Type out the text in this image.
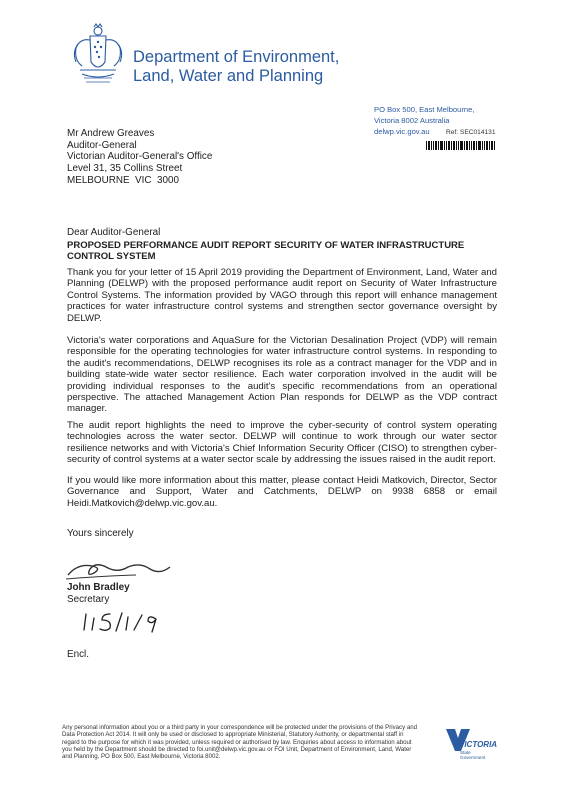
Department of Environment,
Land, Water and Planning
PO Box 500, East Melbourne,
Victoria 8002 Australia
delwp.vic.gov.au	Ref: SEC014131
Mr Andrew Greaves
Auditor-General
Victorian Auditor-General's Office
Level 31, 35 Collins Street
MELBOURNE  VIC  3000
Dear Auditor-General
PROPOSED PERFORMANCE AUDIT REPORT SECURITY OF WATER INFRASTRUCTURE CONTROL SYSTEM
Thank you for your letter of 15 April 2019 providing the Department of Environment, Land, Water and Planning (DELWP) with the proposed performance audit report on Security of Water Infrastructure Control Systems. The information provided by VAGO through this report will enhance management practices for water infrastructure control systems and strengthen sector governance oversight by DELWP.
Victoria's water corporations and AquaSure for the Victorian Desalination Project (VDP) will remain responsible for the operating technologies for water infrastructure control systems. In responding to the audit's recommendations, DELWP recognises its role as a contract manager for the VDP and in building state-wide water sector resilience. Each water corporation involved in the audit will be providing individual responses to the audit's specific recommendations from an operational perspective. The attached Management Action Plan responds for DELWP as the VDP contract manager.
The audit report highlights the need to improve the cyber-security of control system operating technologies across the water sector. DELWP will continue to work through our water sector resilience networks and with Victoria's Chief Information Security Officer (CISO) to strengthen cyber-security of control systems at a water sector scale by addressing the issues raised in the audit report.
If you would like more information about this matter, please contact Heidi Matkovich, Director, Sector Governance and Support, Water and Catchments, DELWP on 9938 6858 or email Heidi.Matkovich@delwp.vic.gov.au.
Yours sincerely
John Bradley
Secretary
Encl.
Any personal information about you or a third party in your correspondence will be protected under the provisions of the Privacy and Data Protection Act 2014. It will only be used or disclosed to appropriate Ministerial, Statutory Authority, or departmental staff in regard to the purpose for which it was provided, unless required or authorised by law. Enquiries about access to information about you held by the Department should be directed to foi.unit@delwp.vic.gov.au or FOI Unit, Department of Environment, Land, Water and Planning, PO Box 500, East Melbourne, Victoria 8002.
VICTORIA
State
Government
